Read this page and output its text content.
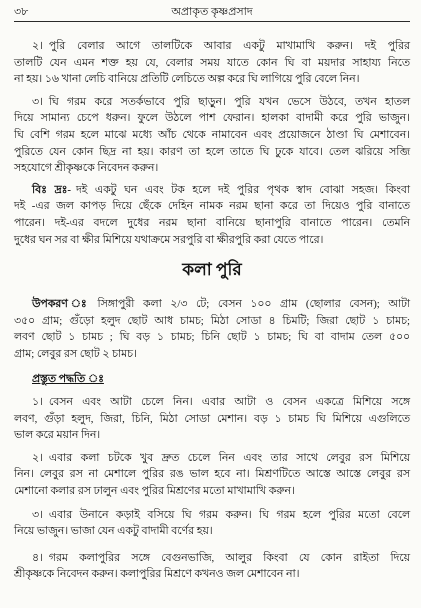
৩৮	অপ্রাকৃত কৃষ্ণপ্রসাদ
২। পুরি বেলার আগে তালটিকে আবার একটু মাখামাখি করুন। দই পুরির
তালটি যেন এমন শক্ত হয় যে, বেলার সময় যাতে কোন ঘি বা ময়দার সাহায্য নিতে
না হয়। ১৬ খানা লেচি বানিয়ে প্রতিটি লেচিতে অল্প করে ঘি লাগিয়ে পুরি বেলে নিন।
৩। ঘি গরম করে সতর্কভাবে পুরি ছাড়ুন। পুরি যখন ভেসে উঠবে, তখন হাতল
দিয়ে সামান্য চেপে ধরুন। ফুলে উঠলে পাশ ফেরান। হালকা বাদামী করে পুরি ভাজুন।
ঘি বেশি গরম হলে মাঝে মধ্যে আঁচ থেকে নামাবেন এবং প্রয়োজনে ঠাণ্ডা ঘি মেশাবেন।
পুরিতে যেন কোন ছিদ্র না হয়। কারণ তা হলে তাতে ঘি ঢুকে যাবে। তেল ঝরিয়ে সব্জি
সহযোগে শ্রীকৃষ্ণকে নিবেদন করুন।
বিঃ দ্রঃ- দই একটু ঘন এবং টক হলে দই পুরির পৃথক স্বাদ বোঝা সহজ। কিংবা
দই -এর জল কাপড় দিয়ে ছেঁকে দেহিন নামক নরম ছানা করে তা দিয়েও পুরি বানাতে
পারেন। দই-এর বদলে দুধের নরম ছানা বানিয়ে ছানাপুরি বানাতে পারেন। তেমনি
দুধের ঘন সর বা ক্ষীর মিশিয়ে যথাক্রমে সরপুরি বা ক্ষীরপুরি করা যেতে পারে।
কলা পুরি
উপকরণ ঃ সিঙ্গাপুরী কলা ২/৩ টে; বেসন ১০০ গ্রাম (ছোলার বেসন); আটা
৩৫০ গ্রাম; গুঁড়ো হলুদ ছোট আধ চামচ; মিঠা সোডা ৪ চিমটি; জিরা ছোট ১ চামচ;
লবণ ছোট ১ চামচ ; ঘি বড় ১ চামচ; চিনি ছোট ১ চামচ; ঘি বা বাদাম তেল ৫০০
গ্রাম; লেবুর রস ছোট ২ চামচ।
প্রস্তুত পদ্ধতি ঃ
১। বেসন এবং আটা চেলে নিন। এবার আটা ও বেসন একত্রে মিশিয়ে সঙ্গে
লবণ, গুঁড়া হলুদ, জিরা, চিনি, মিঠা সোডা মেশান। বড় ১ চামচ ঘি মিশিয়ে এগুলিতে
ভাল করে ময়ান দিন।
২। এবার কলা চটকে খুব দ্রুত চেলে নিন এবং তার সাথে লেবুর রস মিশিয়ে
নিন। লেবুর রস না মেশালে পুরির রঙ ভাল হবে না। মিশ্রণটিতে আস্তে আস্তে লেবুর রস
মেশানো কলার রস ঢালুন এবং পুরির মিশ্রণের মতো মাখামাখি করুন।
৩। এবার উনানে কড়াই বসিয়ে ঘি গরম করুন। ঘি গরম হলে পুরির মতো বেলে
নিয়ে ভাজুন। ভাজা যেন একটু বাদামী বর্ণের হয়।
৪। গরম কলাপুরির সঙ্গে বেগুনভাজি, আলুর কিংবা যে কোন রাইতা দিয়ে
শ্রীকৃষ্ণকে নিবেদন করুন। কলাপুরির মিশ্রণে কখনও জল মেশাবেন না।
